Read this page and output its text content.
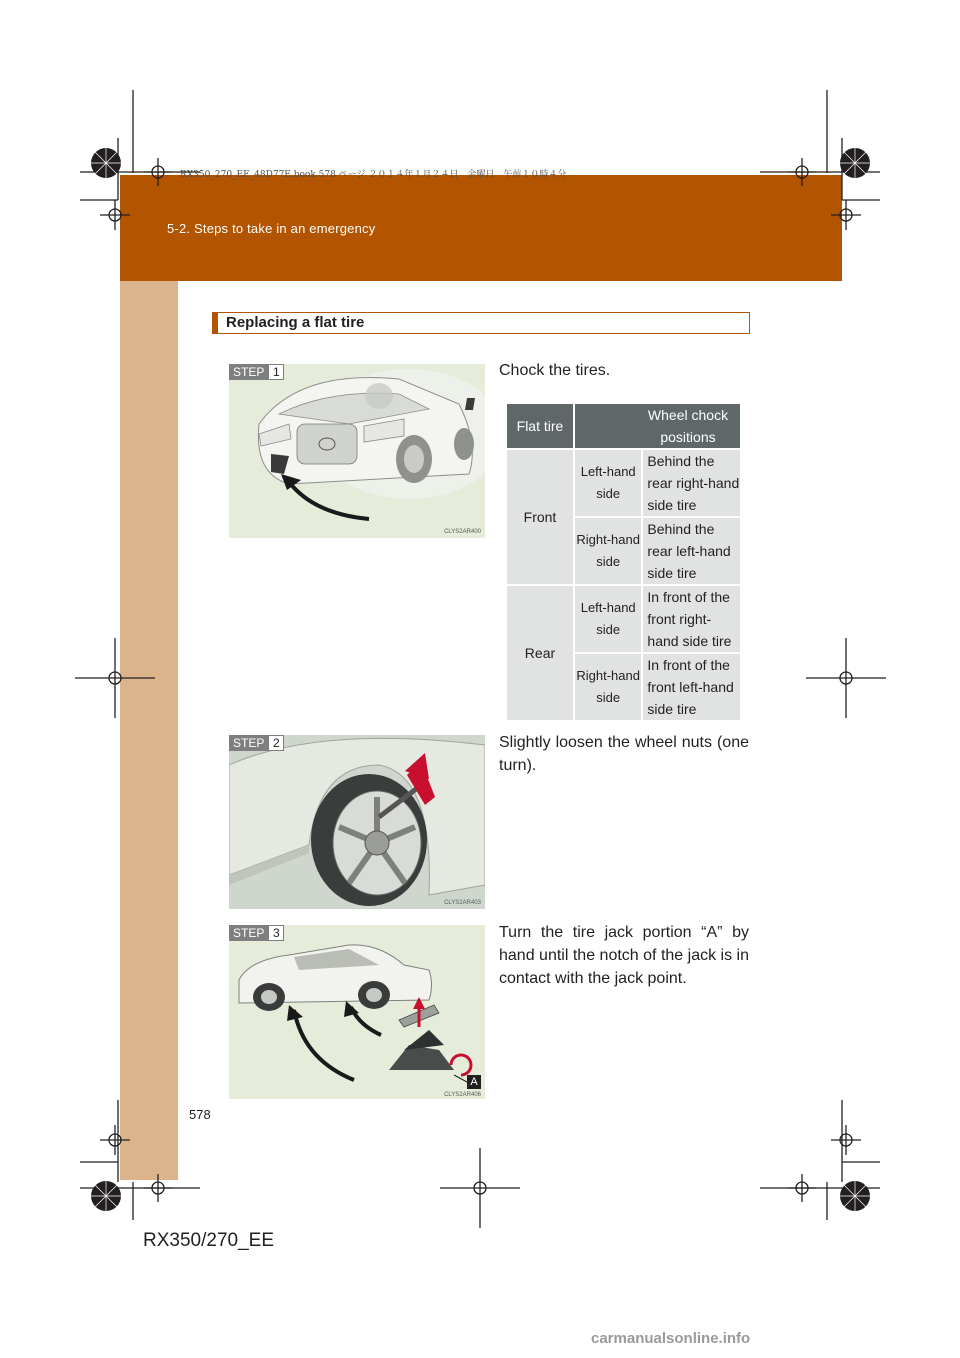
5-2. Steps to take in an emergency
RX350_270_EE_48D77E.book 578 ページ ２０１４年１月２４日　金曜日　午前１０時４分
Replacing a flat tire
STEP 1
CLYS2AR400
Chock the tires.
Flat tire	Wheel chock positions	
Front	Left-hand side	Behind the rear right-hand side tire
	Right-hand side	Behind the rear left-hand side tire
Rear	Left-hand side	In front of the front right-hand side tire
	Right-hand side	In front of the front left-hand side tire
STEP 2
CLYS2AR403
Slightly loosen the wheel nuts (one turn).
A
STEP 3
CLYS2AR406
Turn the tire jack portion “A” by hand until the notch of the jack is in contact with the jack point.
578
RX350/270_EE
carmanualsonline.info
